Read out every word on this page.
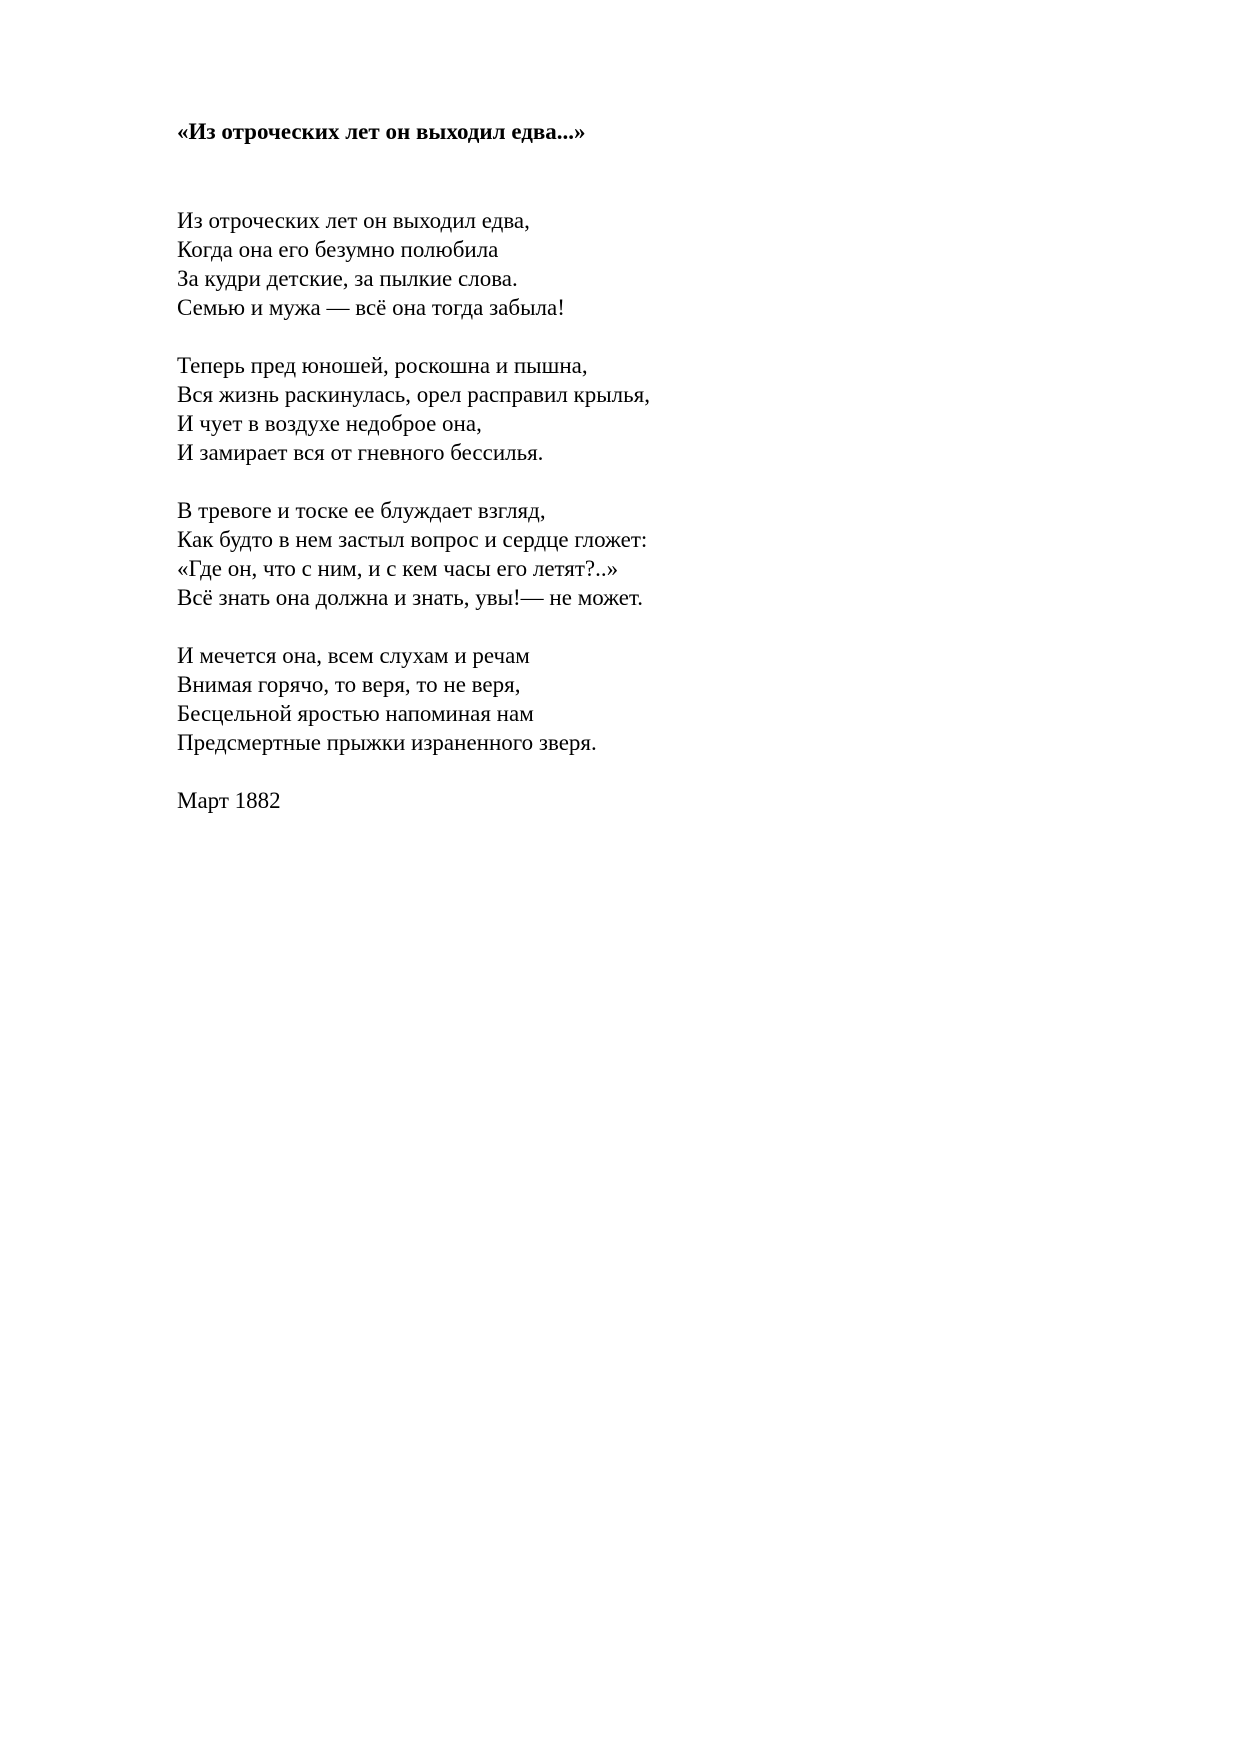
«Из отроческих лет он выходил едва...»
Из отроческих лет он выходил едва,
Когда она его безумно полюбила
За кудри детские, за пылкие слова.
Семью и мужа — всё она тогда забыла!
Теперь пред юношей, роскошна и пышна,
Вся жизнь раскинулась, орел расправил крылья,
И чует в воздухе недоброе она,
И замирает вся от гневного бессилья.
В тревоге и тоске ее блуждает взгляд,
Как будто в нем застыл вопрос и сердце гложет:
«Где он, что с ним, и с кем часы его летят?..»
Всё знать она должна и знать, увы!— не может.
И мечется она, всем слухам и речам
Внимая горячо, то веря, то не веря,
Бесцельной яростью напоминая нам
Предсмертные прыжки израненного зверя.
Март 1882
